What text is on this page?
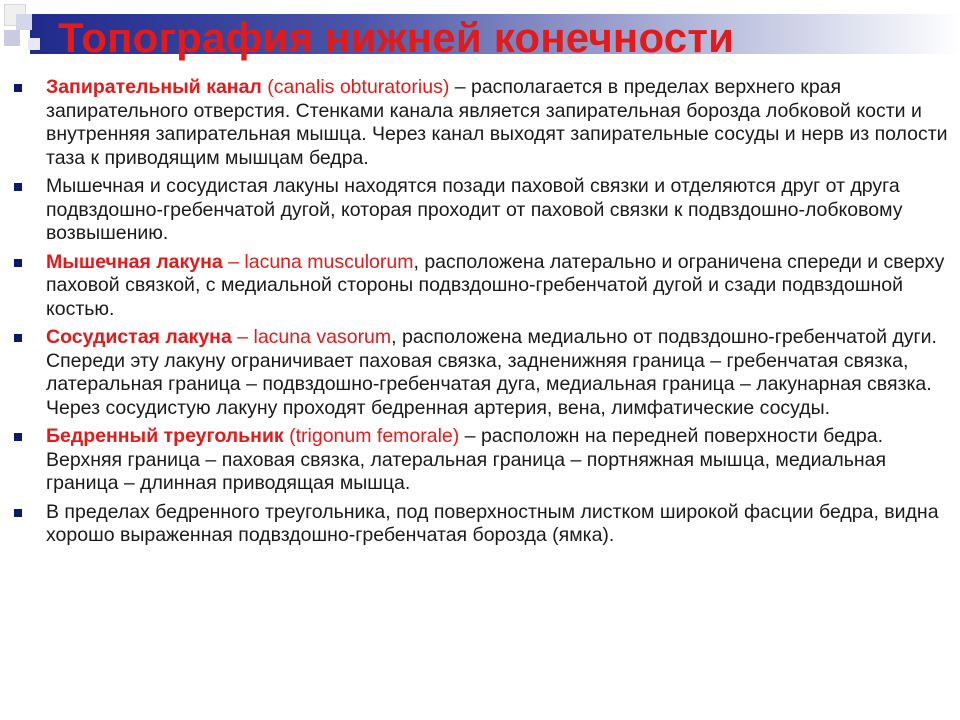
Топография нижней конечности
Запирательный канал (canalis obturatorius) – располагается в пределах верхнего края запирательного отверстия. Стенками канала является запирательная борозда лобковой кости и внутренняя запирательная мышца. Через канал выходят запирательные сосуды и нерв из полости таза к приводящим мышцам бедра.
Мышечная и сосудистая лакуны находятся позади паховой связки и отделяются друг от друга подвздошно-гребенчатой дугой, которая проходит от паховой связки к подвздошно-лобковому возвышению.
Мышечная лакуна – lacuna musculorum, расположена латерально и ограничена спереди и сверху паховой связкой, с медиальной стороны подвздошно-гребенчатой дугой и сзади подвздошной костью.
Сосудистая лакуна – lacuna vasorum, расположена медиально от подвздошно-гребенчатой дуги. Спереди эту лакуну ограничивает паховая связка, задненижняя граница – гребенчатая связка, латеральная граница – подвздошно-гребенчатая дуга, медиальная граница – лакунарная связка. Через сосудистую лакуну проходят бедренная артерия, вена, лимфатические сосуды.
Бедренный треугольник (trigonum femorale) – расположн на передней поверхности бедра. Верхняя граница – паховая связка, латеральная граница – портняжная мышца, медиальная граница – длинная приводящая мышца.
В пределах бедренного треугольника, под поверхностным листком широкой фасции бедра, видна хорошо выраженная подвздошно-гребенчатая борозда (ямка).
